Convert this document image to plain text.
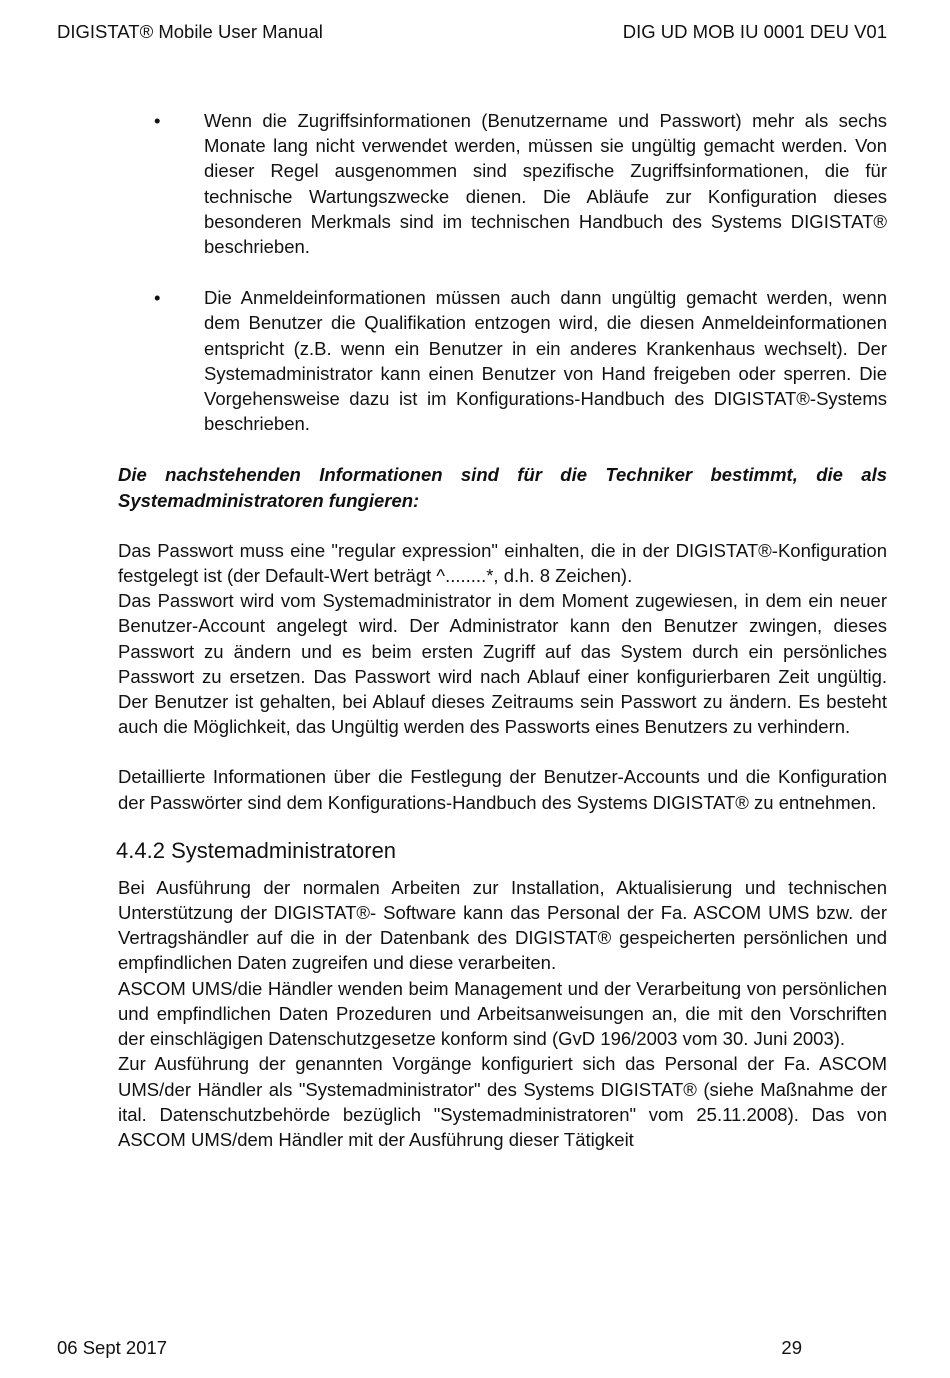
DIGISTAT® Mobile User Manual	DIG UD MOB IU 0001 DEU V01
• Wenn die Zugriffsinformationen (Benutzername und Passwort) mehr als sechs Monate lang nicht verwendet werden, müssen sie ungültig gemacht werden. Von dieser Regel ausgenommen sind spezifische Zugriffsinformationen, die für technische Wartungszwecke dienen. Die Abläufe zur Konfiguration dieses besonderen Merkmals sind im technischen Handbuch des Systems DIGISTAT® beschrieben.
• Die Anmeldeinformationen müssen auch dann ungültig gemacht werden, wenn dem Benutzer die Qualifikation entzogen wird, die diesen Anmeldeinformationen entspricht (z.B. wenn ein Benutzer in ein anderes Krankenhaus wechselt). Der Systemadministrator kann einen Benutzer von Hand freigeben oder sperren. Die Vorgehensweise dazu ist im Konfigurations-Handbuch des DIGISTAT®-Systems beschrieben.

Die nachstehenden Informationen sind für die Techniker bestimmt, die als Systemadministratoren fungieren:

Das Passwort muss eine "regular expression" einhalten, die in der DIGISTAT®-Konfiguration festgelegt ist (der Default-Wert beträgt ^........*, d.h. 8 Zeichen).

Das Passwort wird vom Systemadministrator in dem Moment zugewiesen, in dem ein neuer Benutzer-Account angelegt wird. Der Administrator kann den Benutzer zwingen, dieses Passwort zu ändern und es beim ersten Zugriff auf das System durch ein persönliches Passwort zu ersetzen. Das Passwort wird nach Ablauf einer konfigurierbaren Zeit ungültig. Der Benutzer ist gehalten, bei Ablauf dieses Zeitraums sein Passwort zu ändern. Es besteht auch die Möglichkeit, das Ungültig werden des Passworts eines Benutzers zu verhindern.

Detaillierte Informationen über die Festlegung der Benutzer-Accounts und die Konfiguration der Passwörter sind dem Konfigurations-Handbuch des Systems DIGISTAT® zu entnehmen.

4.4.2 Systemadministratoren

Bei Ausführung der normalen Arbeiten zur Installation, Aktualisierung und technischen Unterstützung der DIGISTAT®- Software kann das Personal der Fa. ASCOM UMS bzw. der Vertragshändler auf die in der Datenbank des DIGISTAT® gespeicherten persönlichen und empfindlichen Daten zugreifen und diese verarbeiten.

ASCOM UMS/die Händler wenden beim Management und der Verarbeitung von persönlichen und empfindlichen Daten Prozeduren und Arbeitsanweisungen an, die mit den Vorschriften der einschlägigen Datenschutzgesetze konform sind (GvD 196/2003 vom 30. Juni 2003).

Zur Ausführung der genannten Vorgänge konfiguriert sich das Personal der Fa. ASCOM UMS/der Händler als "Systemadministrator" des Systems DIGISTAT® (siehe Maßnahme der ital. Datenschutzbehörde bezüglich "Systemadministratoren" vom 25.11.2008). Das von ASCOM UMS/dem Händler mit der Ausführung dieser Tätigkeit

06 Sept 2017	29
